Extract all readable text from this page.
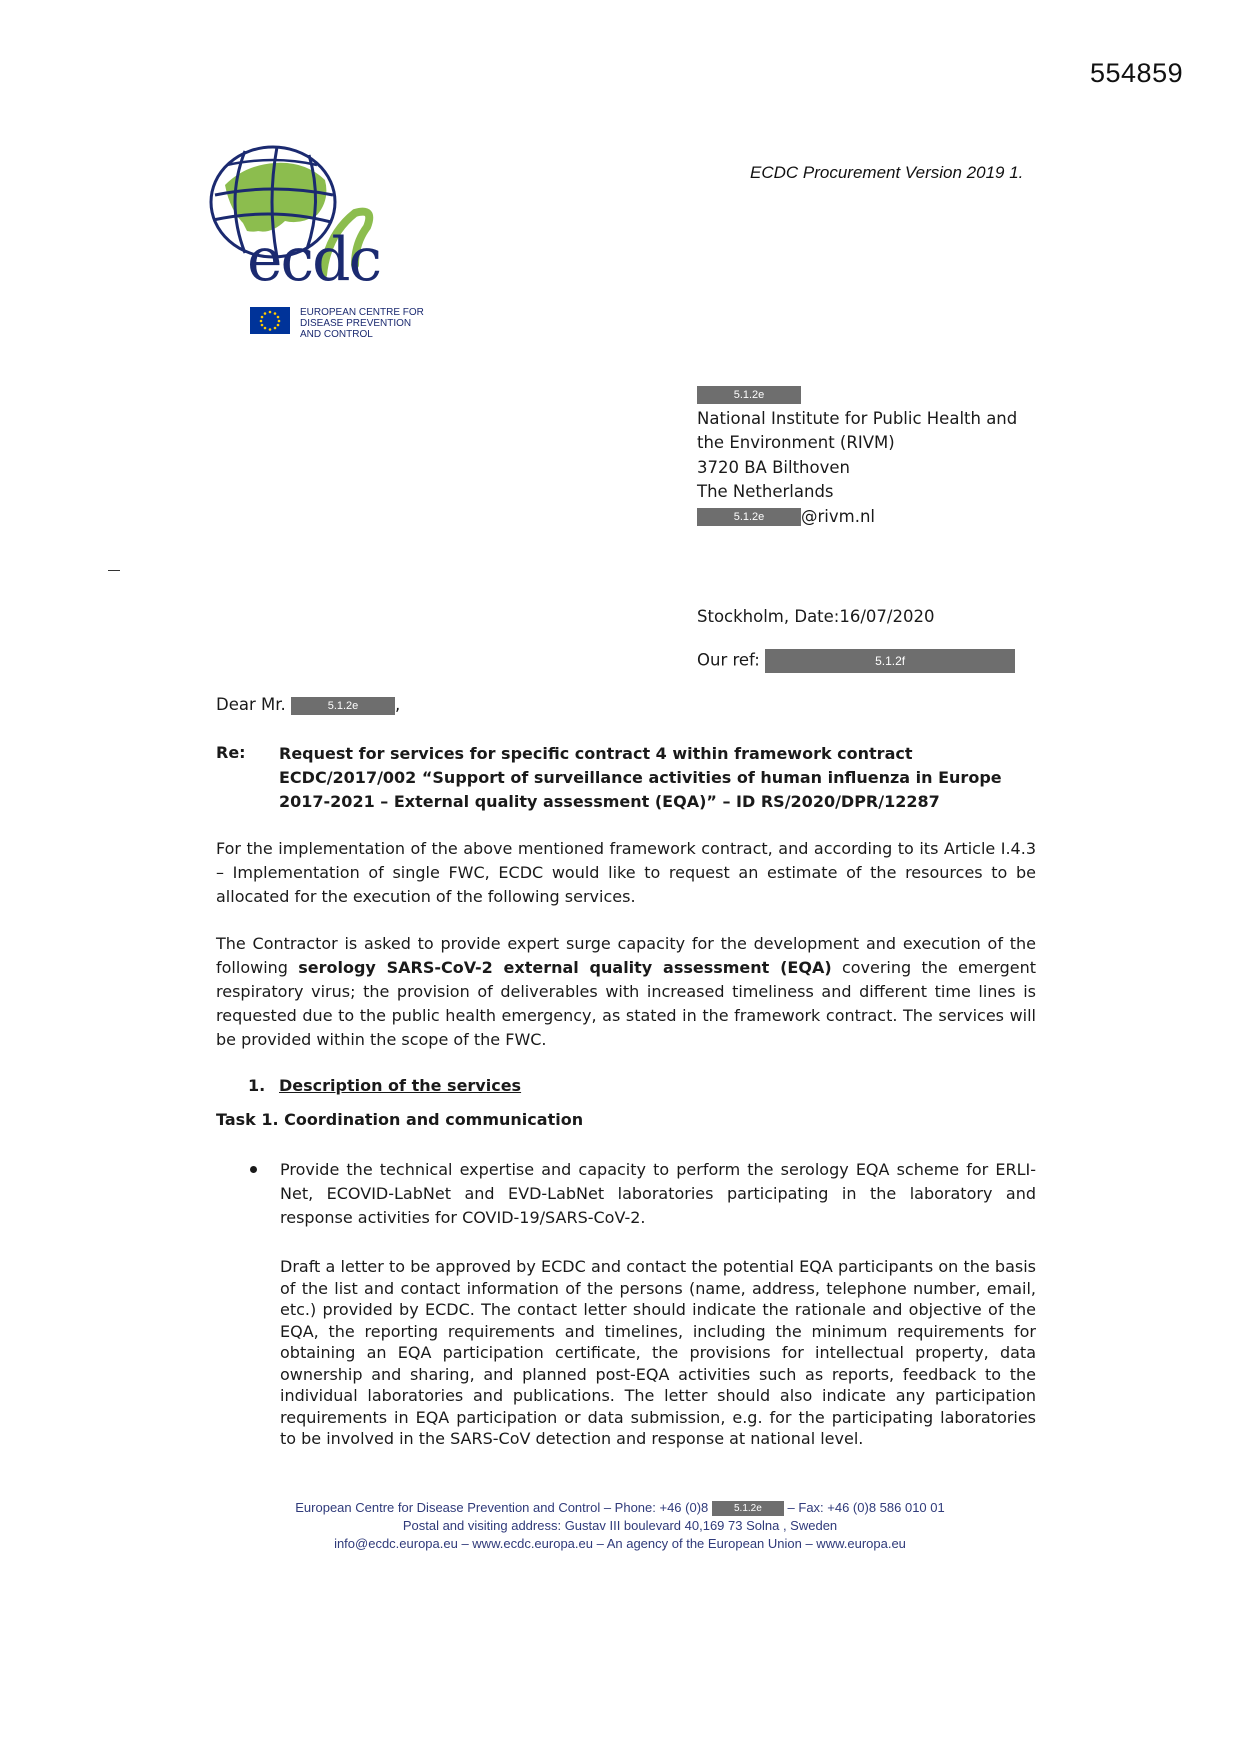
554859
ECDC Procurement Version 2019 1.
ecdc
EUROPEAN CENTRE FOR
DISEASE PREVENTION
AND CONTROL
5.1.2e
National Institute for Public Health and
the Environment (RIVM)
3720 BA Bilthoven
The Netherlands
5.1.2e @rivm.nl
Stockholm, Date:16/07/2020
Our ref:	5.1.2f
Dear Mr.	5.1.2e ,
Re: Request for services for specific contract 4 within framework contract ECDC/2017/002 “Support of surveillance activities of human influenza in Europe 2017-2021 – External quality assessment (EQA)” – ID RS/2020/DPR/12287
For the implementation of the above mentioned framework contract, and according to its Article I.4.3 – Implementation of single FWC, ECDC would like to request an estimate of the resources to be allocated for the execution of the following services.
The Contractor is asked to provide expert surge capacity for the development and execution of the following serology SARS-CoV-2 external quality assessment (EQA) covering the emergent respiratory virus; the provision of deliverables with increased timeliness and different time lines is requested due to the public health emergency, as stated in the framework contract. The services will be provided within the scope of the FWC.
1. Description of the services
Task 1. Coordination and communication
Provide the technical expertise and capacity to perform the serology EQA scheme for ERLI-Net, ECOVID-LabNet and EVD-LabNet laboratories participating in the laboratory and response activities for COVID-19/SARS-CoV-2.
Draft a letter to be approved by ECDC and contact the potential EQA participants on the basis of the list and contact information of the persons (name, address, telephone number, email, etc.) provided by ECDC. The contact letter should indicate the rationale and objective of the EQA, the reporting requirements and timelines, including the minimum requirements for obtaining an EQA participation certificate, the provisions for intellectual property, data ownership and sharing, and planned post-EQA activities such as reports, feedback to the individual laboratories and publications. The letter should also indicate any participation requirements in EQA participation or data submission, e.g. for the participating laboratories to be involved in the SARS-CoV detection and response at national level.
European Centre for Disease Prevention and Control – Phone: +46 (0)8	5.1.2e – Fax: +46 (0)8 586 010 01
Postal and visiting address: Gustav III boulevard 40,169 73 Solna , Sweden
info@ecdc.europa.eu – www.ecdc.europa.eu – An agency of the European Union – www.europa.eu
